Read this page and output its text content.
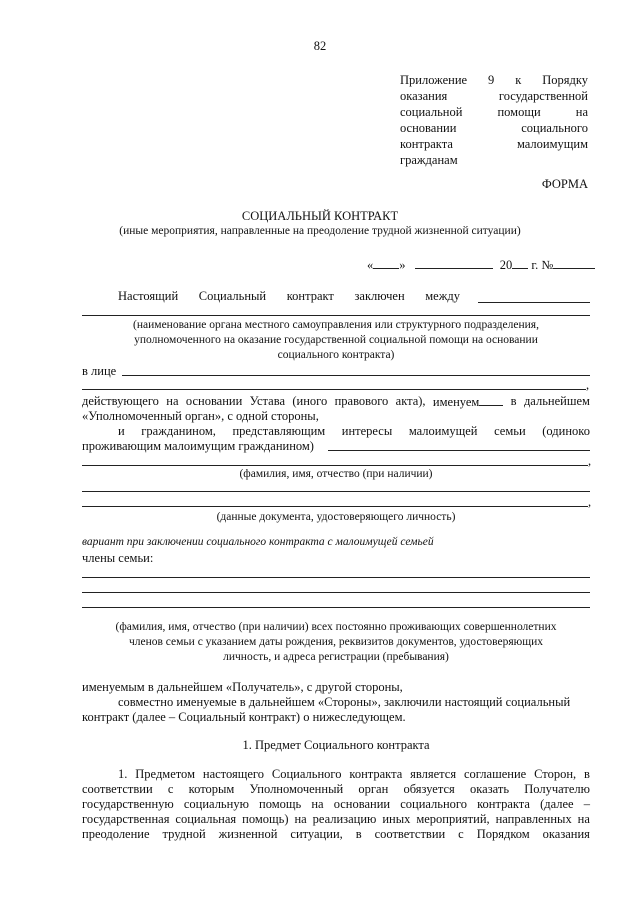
82
Приложение 9 к Порядку
оказания	государственной
социальной	помощи	на
основании	социального
контракта	малоимущим
гражданам
ФОРМА
СОЦИАЛЬНЫЙ КОНТРАКТ
(иные мероприятия, направленные на преодоление трудной жизненной ситуации)
« »	20 г. №
Настоящий Социальный контракт заключен между
(наименование органа местного самоуправления или структурного подразделения,
уполномоченного на оказание государственной социальной помощи на основании
социального контракта)
в лице
,
действующего на основании Устава (иного правового акта), именуем	в дальнейшем
«Уполномоченный орган», с одной стороны,
и гражданином, представляющим интересы малоимущей семьи (одиноко
проживающим малоимущим гражданином)
,
(фамилия, имя, отчество (при наличии)
,
(данные документа, удостоверяющего личность)
вариант при заключении социального контракта с малоимущей семьей
члены семьи:
(фамилия, имя, отчество (при наличии) всех постоянно проживающих совершеннолетних
членов семьи с указанием даты рождения, реквизитов документов, удостоверяющих
личность, и адреса регистрации (пребывания)
именуемым в дальнейшем «Получатель», с другой стороны,
совместно именуемые в дальнейшем «Стороны», заключили настоящий социальный
контракт (далее – Социальный контракт) о нижеследующем.
1. Предмет Социального контракта
1. Предметом настоящего Социального контракта является соглашение Сторон, в
соответствии с которым Уполномоченный орган обязуется оказать Получателю
государственную социальную помощь на основании социального контракта (далее –
государственная социальная помощь) на реализацию иных мероприятий, направленных на
преодоление трудной жизненной ситуации, в соответствии с Порядком оказания
